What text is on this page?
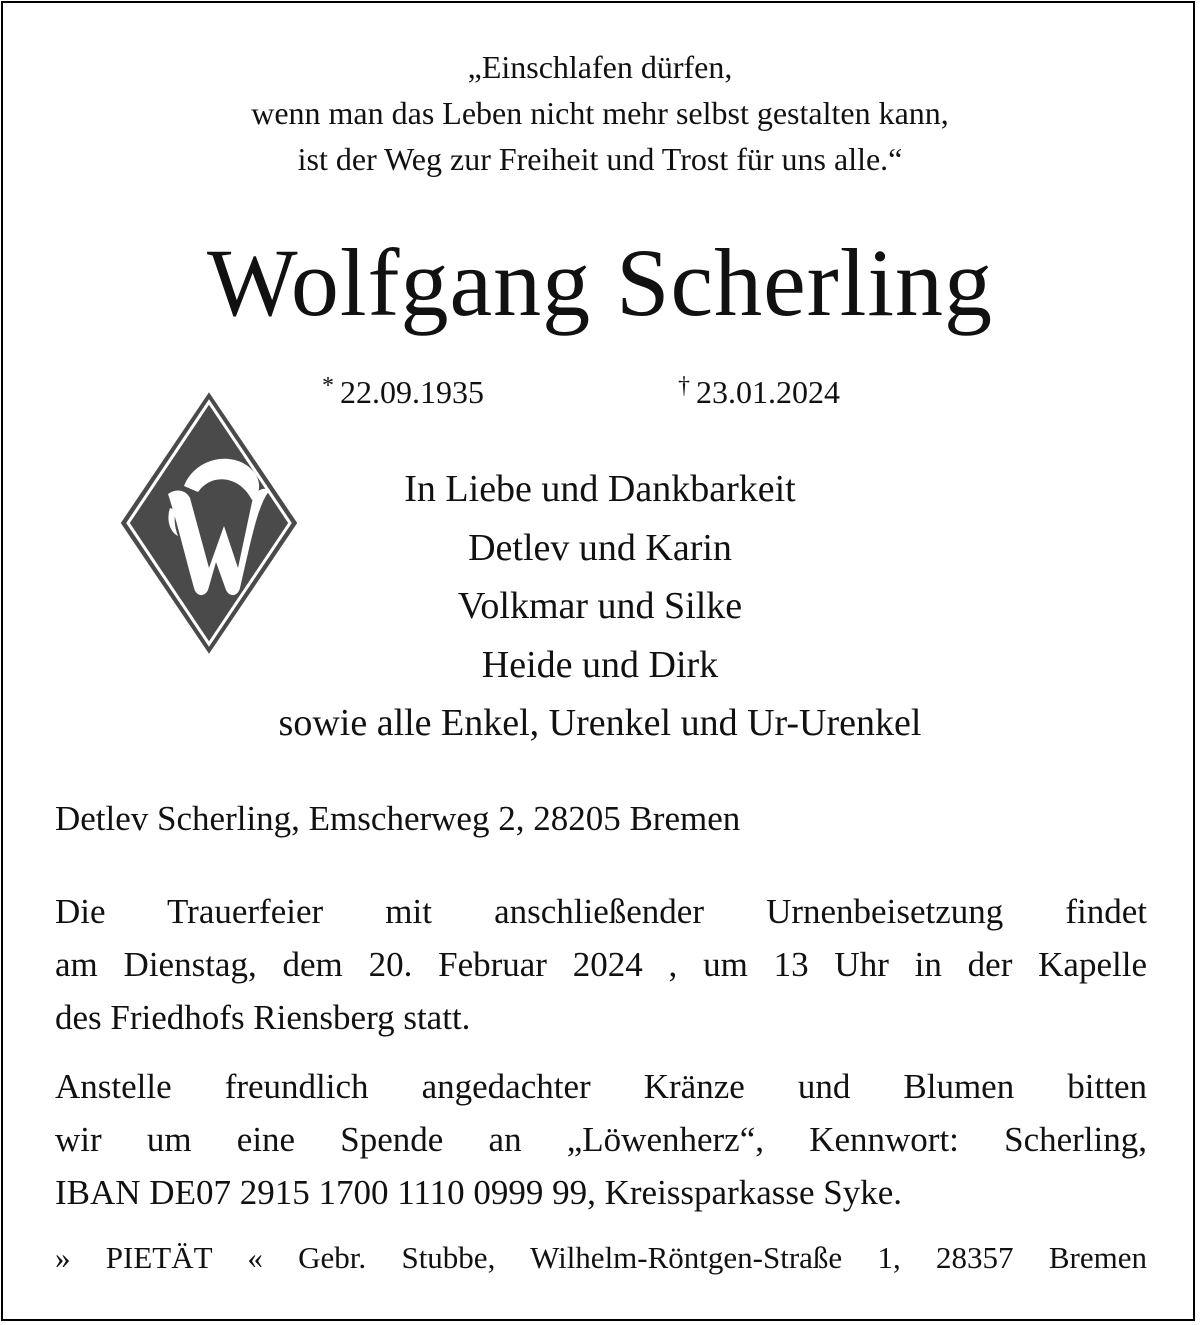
„Einschlafen dürfen,
wenn man das Leben nicht mehr selbst gestalten kann,
ist der Weg zur Freiheit und Trost für uns alle.“
Wolfgang Scherling
* 22.09.1935	† 23.01.2024
In Liebe und Dankbarkeit
Detlev und Karin
Volkmar und Silke
Heide und Dirk
sowie alle Enkel, Urenkel und Ur-Urenkel
Detlev Scherling, Emscherweg 2, 28205 Bremen
Die Trauerfeier mit anschließender Urnenbeisetzung findet
am Dienstag, dem 20. Februar 2024 , um 13 Uhr in der Kapelle
des Friedhofs Riensberg statt.
Anstelle freundlich angedachter Kränze und Blumen bitten
wir um eine Spende an „Löwenherz“, Kennwort: Scherling,
IBAN DE07 2915 1700 1110 0999 99, Kreissparkasse Syke.
» PIETÄT « Gebr. Stubbe, Wilhelm-Röntgen-Straße 1, 28357 Bremen
